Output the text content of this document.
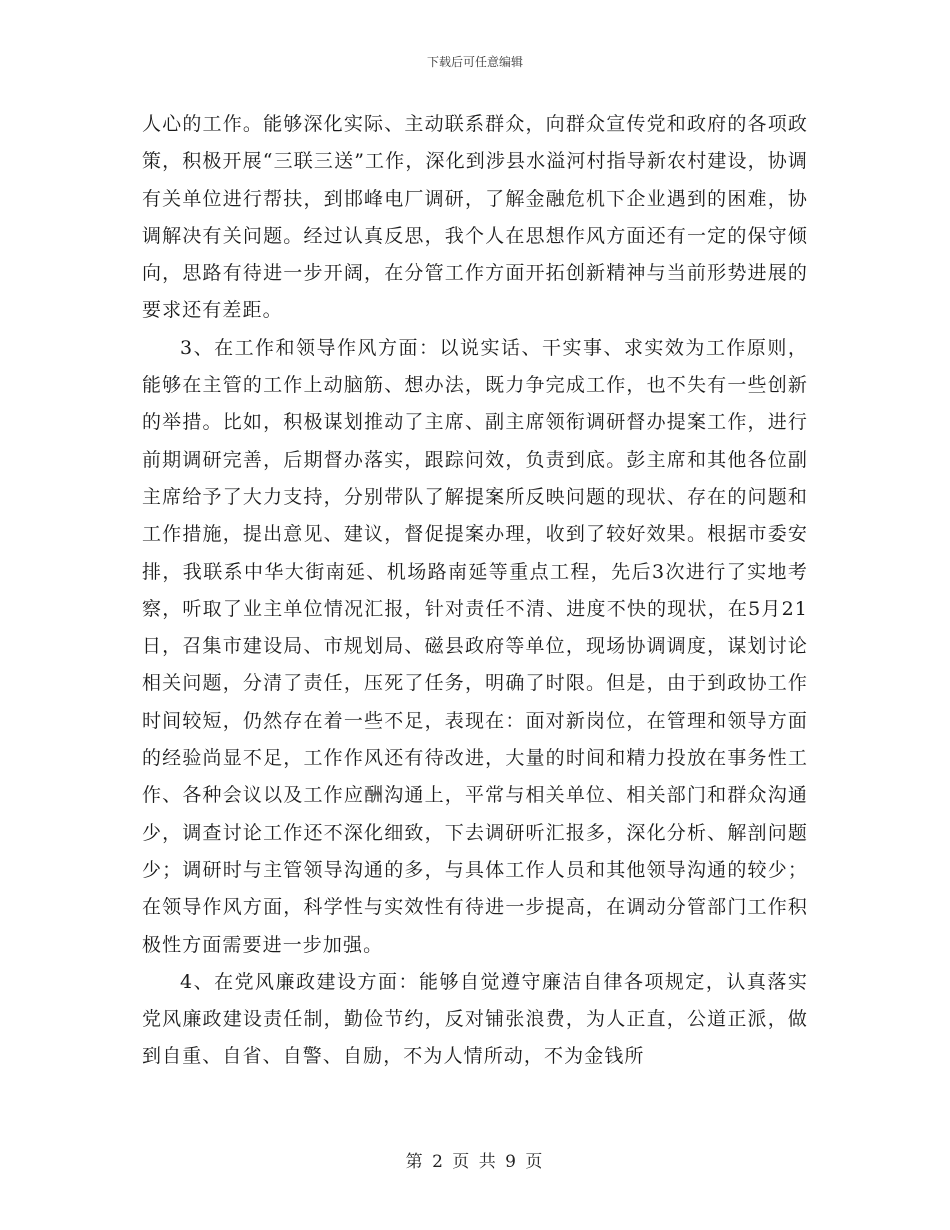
下载后可任意编辑

人心的工作。能够深化实际、主动联系群众，向群众宣传党和政府的各项政策，积极开展“三联三送”工作，深化到涉县水溢河村指导新农村建设，协调有关单位进行帮扶，到邯峰电厂调研，了解金融危机下企业遇到的困难，协调解决有关问题。经过认真反思，我个人在思想作风方面还有一定的保守倾向，思路有待进一步开阔，在分管工作方面开拓创新精神与当前形势进展的要求还有差距。

3、在工作和领导作风方面：以说实话、干实事、求实效为工作原则，能够在主管的工作上动脑筋、想办法，既力争完成工作，也不失有一些创新的举措。比如，积极谋划推动了主席、副主席领衔调研督办提案工作，进行前期调研完善，后期督办落实，跟踪问效，负责到底。彭主席和其他各位副主席给予了大力支持，分别带队了解提案所反映问题的现状、存在的问题和工作措施，提出意见、建议，督促提案办理，收到了较好效果。根据市委安排，我联系中华大街南延、机场路南延等重点工程，先后3次进行了实地考察，听取了业主单位情况汇报，针对责任不清、进度不快的现状，在5月21日，召集市建设局、市规划局、磁县政府等单位，现场协调调度，谋划讨论相关问题，分清了责任，压死了任务，明确了时限。但是，由于到政协工作时间较短，仍然存在着一些不足，表现在：面对新岗位，在管理和领导方面的经验尚显不足，工作作风还有待改进，大量的时间和精力投放在事务性工作、各种会议以及工作应酬沟通上，平常与相关单位、相关部门和群众沟通少，调查讨论工作还不深化细致，下去调研听汇报多，深化分析、解剖问题少；调研时与主管领导沟通的多，与具体工作人员和其他领导沟通的较少；在领导作风方面，科学性与实效性有待进一步提高，在调动分管部门工作积极性方面需要进一步加强。

4、在党风廉政建设方面：能够自觉遵守廉洁自律各项规定，认真落实党风廉政建设责任制，勤俭节约，反对铺张浪费，为人正直，公道正派，做到自重、自省、自警、自励，不为人情所动，不为金钱所

第 2 页 共 9 页
